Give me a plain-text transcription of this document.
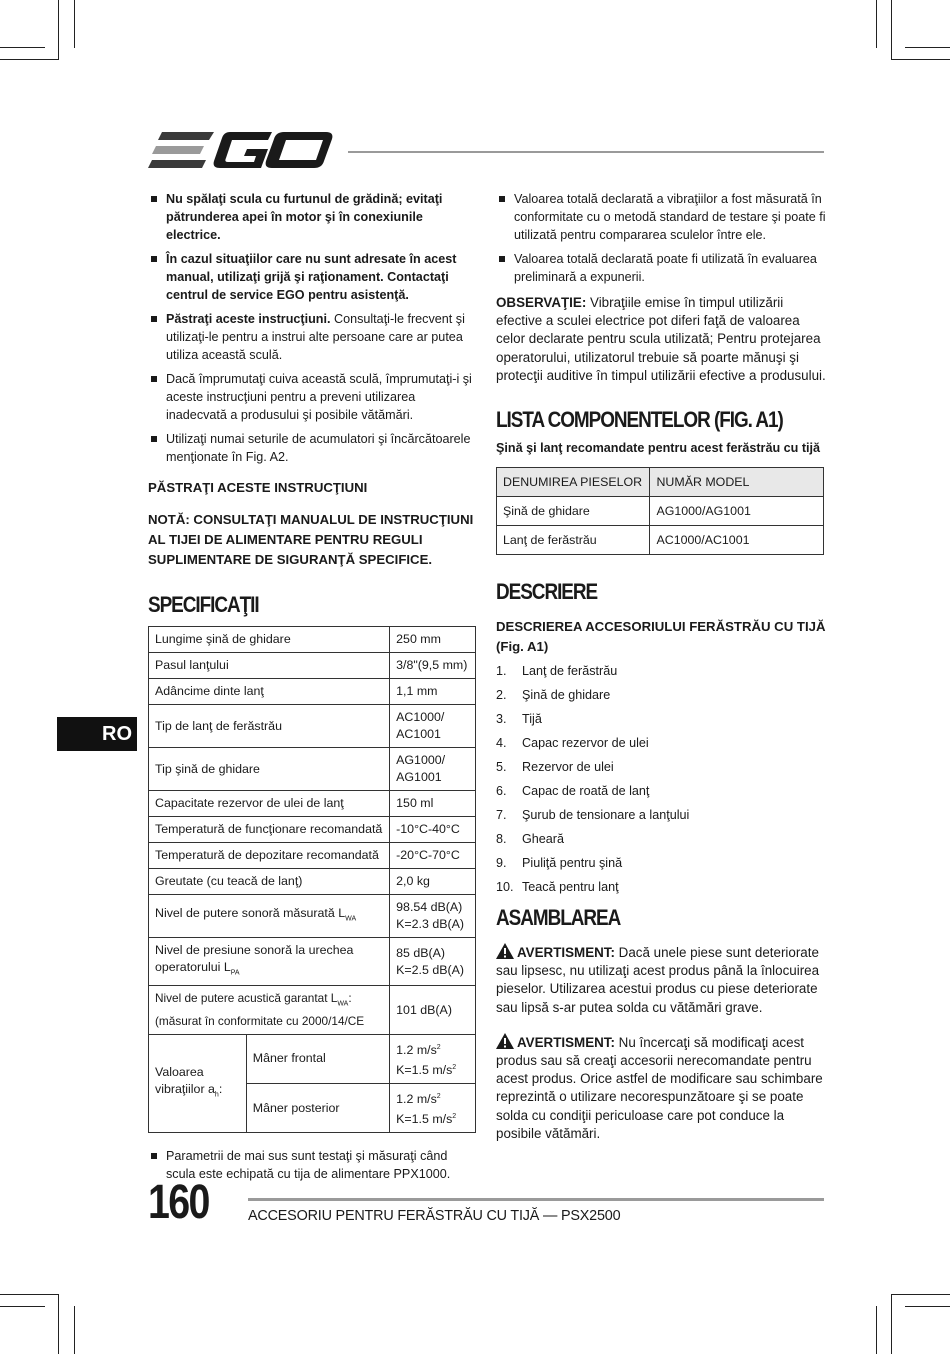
Nu spălaţi scula cu furtunul de grădină; evitaţi pătrunderea apei în motor şi în conexiunile electrice.
În cazul situaţiilor care nu sunt adresate în acest manual, utilizaţi grijă şi raţionament. Contactaţi centrul de service EGO pentru asistenţă.
Păstraţi aceste instrucţiuni. Consultaţi-le frecvent şi utilizaţi-le pentru a instrui alte persoane care ar putea utiliza această sculă.
Dacă împrumutaţi cuiva această sculă, împrumutaţi-i şi aceste instrucţiuni pentru a preveni utilizarea inadecvată a produsului şi posibile vătămări.
Utilizaţi numai seturile de acumulatori şi încărcătoarele menţionate în Fig. A2.

PĂSTRAŢI ACESTE INSTRUCŢIUNI

NOTĂ: CONSULTAŢI MANUALUL DE INSTRUCŢIUNI AL TIJEI DE ALIMENTARE PENTRU REGULI SUPLIMENTARE DE SIGURANŢĂ SPECIFICE.

SPECIFICAŢII
Lungime şină de ghidare		250 mm
Pasul lanţului		3/8"(9,5 mm)
Adâncime dinte lanţ		1,1 mm
Tip de lanţ de ferăstrău		AC1000/
AC1001
Tip şină de ghidare		AG1000/
AG1001
Capacitate rezervor de ulei de lanţ		150 ml
Temperatură de funcţionare recomandată		-10°C-40°C
Temperatură de depozitare recomandată		-20°C-70°C
Greutate (cu teacă de lanţ)		2,0 kg
Nivel de putere sonoră măsurată $L_{WA}$		98.54 dB(A)
K=2.3 dB(A)
Nivel de presiune sonoră la urechea
operatorului $L_{PA}$		85 dB(A)
K=2.5 dB(A)
Nivel de putere acustică garantat $L_{WA}$:
(măsurat în conformitate cu 2000/14/CE		101 dB(A)
Valoarea
vibraţiilor $a_h$:	Mâner frontal	1.2 $m/s^2$
K=1.5 $m/s^2$
	Mâner posterior	1.2 $m/s^2$
K=1.5 $m/s^2$
Parametrii de mai sus sunt testaţi şi măsuraţi când scula este echipată cu tija de alimentare PPX1000.
Valoarea totală declarată a vibraţiilor a fost măsurată în conformitate cu o metodă standard de testare şi poate fi utilizată pentru compararea sculelor între ele.
Valoarea totală declarată poate fi utilizată în evaluarea preliminară a expunerii.

OBSERVAŢIE: Vibraţiile emise în timpul utilizării efective a sculei electrice pot diferi faţă de valoarea celor declarate pentru scula utilizată; Pentru protejarea operatorului, utilizatorul trebuie să poarte mănuşi şi protecţii auditive în timpul utilizării efective a produsului.

LISTA COMPONENTELOR (FIG. A1)

Şină şi lanţ recomandate pentru acest ferăstrău cu tijă

DENUMIREA PIESELOR	NUMĂR MODEL
Şină de ghidare	AG1000/AG1001
Lanţ de ferăstrău	AC1000/AC1001
DESCRIERE

DESCRIEREA ACCESORIULUI FERĂSTRĂU CU TIJĂ (Fig. A1)

1.	Lanţ de ferăstrău
2.	Şină de ghidare
3.	Tijă
4.	Capac rezervor de ulei
5.	Rezervor de ulei
6.	Capac de roată de lanţ
7.	Şurub de tensionare a lanţului
8.	Gheară
9.	Piuliţă pentru şină
10. Teacă pentru lanţ
ASAMBLAREA

AVERTISMENT: Dacă unele piese sunt deteriorate sau lipsesc, nu utilizaţi acest produs până la înlocuirea pieselor. Utilizarea acestui produs cu piese deteriorate sau lipsă s-ar putea solda cu vătămări grave.

AVERTISMENT: Nu încercaţi să modificaţi acest produs sau să creaţi accesorii nerecomandate pentru acest produs. Orice astfel de modificare sau schimbare reprezintă o utilizare necorespunzătoare şi se poate solda cu condiţii periculoase care pot conduce la posibile vătămări.

RO
160	ACCESORIU PENTRU FERĂSTRĂU CU TIJĂ — PSX2500
